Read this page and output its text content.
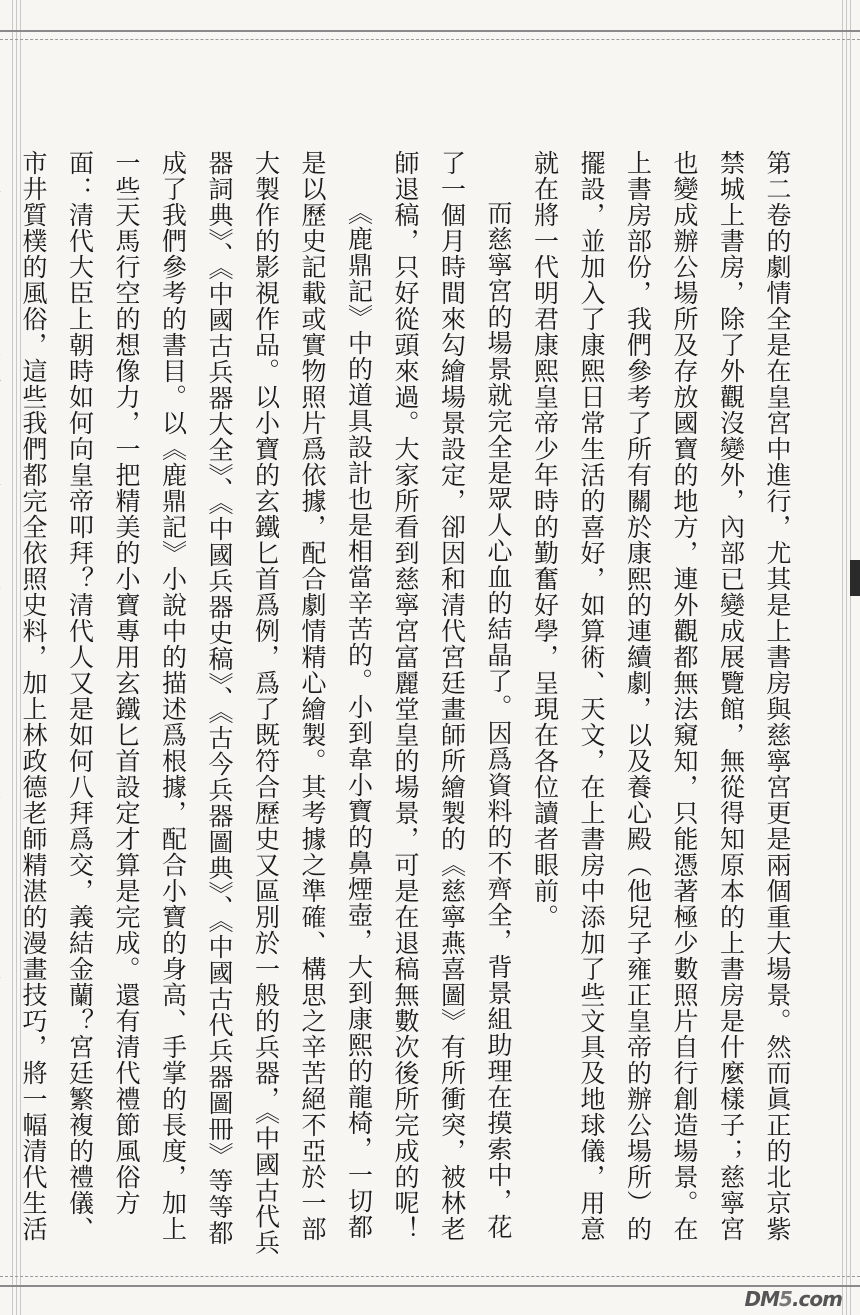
第二卷的劇情全是在皇宮中進行，尤其是上書房與慈寧宮更是兩個重大場景。然而眞正的北京紫禁城上書房，除了外觀沒變外，內部已變成展覽館，無從得知原本的上書房是什麼樣子；慈寧宮也變成辦公場所及存放國寶的地方，連外觀都無法窺知，只能憑著極少數照片自行創造場景。在上書房部份，我們參考了所有關於康熙的連續劇，以及養心殿（他兒子雍正皇帝的辦公場所）的擺設，並加入了康熙日常生活的喜好，如算術、天文，在上書房中添加了些文具及地球儀，用意就在將一代明君康熙皇帝少年時的勤奮好學，呈現在各位讀者眼前。

而慈寧宮的場景就完全是眾人心血的結晶了。因爲資料的不齊全，背景組助理在摸索中，花了一個月時間來勾繪場景設定，卻因和清代宮廷畫師所繪製的《慈寧燕喜圖》有所衝突，被林老師退稿，只好從頭來過。大家所看到慈寧宮富麗堂皇的場景，可是在退稿無數次後所完成的呢！

《鹿鼎記》中的道具設計也是相當辛苦的。小到韋小寶的鼻煙壺，大到康熙的龍椅，一切都是以歷史記載或實物照片爲依據，配合劇情精心繪製。其考據之準確、構思之辛苦絕不亞於一部大製作的影視作品。以小寶的玄鐵匕首爲例，爲了既符合歷史又區別於一般的兵器，《中國古代兵器詞典》、《中國古兵器大全》、《中國兵器史稿》、《古今兵器圖典》、《中國古代兵器圖冊》等等都成了我們參考的書目。以《鹿鼎記》小說中的描述爲根據，配合小寶的身高、手掌的長度，加上一些天馬行空的想像力，一把精美的小寶專用玄鐵匕首設定才算是完成。還有清代禮節風俗方面：清代大臣上朝時如何向皇帝叩拜？清代人又是如何八拜爲交，義結金蘭？宮廷繁複的禮儀、市井質樸的風俗，這些我們都完全依照史料，加上林政德老師精湛的漫畫技巧，將一幅清代生活

DM5.com
